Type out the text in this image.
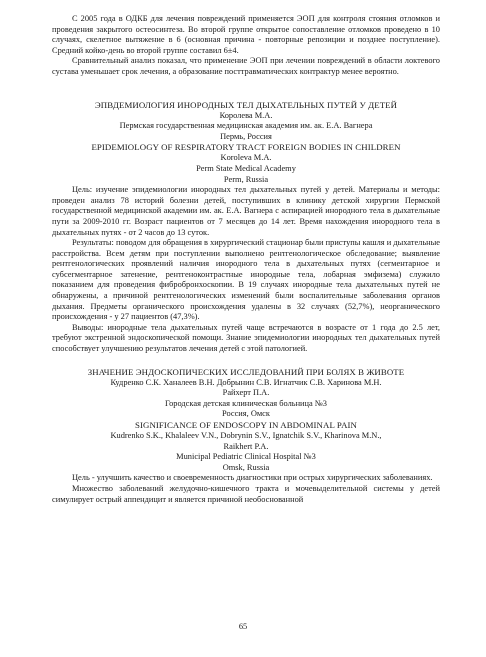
С 2005 года в ОДКБ для лечения повреждений применяется ЭОП для контроля стояния отломков и проведения закрытого остеосинтеза. Во второй группе открытое сопоставление отломков проведено в 10 случаях, скелетное вытяжение в 6 (основная причина - повторные репозиции и позднее поступление). Средний койко-день во второй группе составил 6±4.

Сравнительный анализ показал, что применение ЭОП при лечении повреждений в области локтевого сустава уменьшает срок лечения, а образование посттравматических контрактур менее вероятно.

ЭПВДЕМИОЛОГИЯ ИНОРОДНЫХ ТЕЛ ДЫХАТЕЛЬНЫХ ПУТЕЙ У ДЕТЕЙ
Королева М.А.
Пермская государственная медицинская академия им. ак. Е.А. Вагнера
Пермь, Россия
EPIDEMIOLOGY OF RESPIRATORY TRACT FOREIGN BODIES IN CHILDREN
Koroleva M.A.
Perm State Medical Academy
Perm, Russia

Цель: изучение эпидемиологии инородных тел дыхательных путей у детей. Материалы и методы: проведен анализ 78 историй болезни детей, поступивших в клинику детской хирургии Пермской государственной медицинской академии им. ак. Е.А. Вагнера с аспирацией инородного тела в дыхательные пути за 2009-2010 гг. Возраст пациентов от 7 месяцев до 14 лет. Время нахождения инородного тела в дыхательных путях - от 2 часов до 13 суток.

Результаты: поводом для обращения в хирургический стационар были приступы кашля и дыхательные расстройства. Всем детям при поступлении выполнено рентгенологическое обследование; выявление рентгенологических проявлений наличия инородного тела в дыхательных путях (сегментарное и субсегментарное затенение, рентгеноконтрастные инородные тела, лобарная эмфизема) служило показанием для проведения фибробронхоскопии. В 19 случаях инородные тела дыхательных путей не обнаружены, а причиной рентгенологических изменений были воспалительные заболевания органов дыхания. Предметы органического происхождения удалены в 32 случаях (52,7%), неорганического происхождения - у 27 пациентов (47,3%).

Выводы: инородные тела дыхательных путей чаще встречаются в возрасте от 1 года до 2.5 лет, требуют экстренной эндоскопической помощи. Знание эпидемиологии инородных тел дыхательных путей способствует улучшению результатов лечения детей с этой патологией.

ЗНАЧЕНИЕ ЭНДОСКОПИЧЕСКИХ ИССЛЕДОВАНИЙ ПРИ БОЛЯХ В ЖИВОТЕ
Кудренко С.К. Ханалеев В.Н. Добрынин С.В. Игнатчик С.В. Харинова М.Н.
Райхерт П.А.
Городская детская клиническая больница №3
Россия, Омск
SIGNIFICANCE OF ENDOSCOPY IN ABDOMINAL PAIN
Kudrenko S.K., Khalaleev V.N., Dobrynin S.V., Ignatchik S.V., Kharinova M.N.,
Raikhert P.A.
Municipal Pediatric Clinical Hospital №3
Omsk, Russia

Цель - улучшить качество и своевременность диагностики при острых хирургических заболеваниях.

Множество заболеваний желудочно-кишечного тракта и мочевыделительной системы у детей симулирует острый аппендицит и является причиной необоснованной

65
